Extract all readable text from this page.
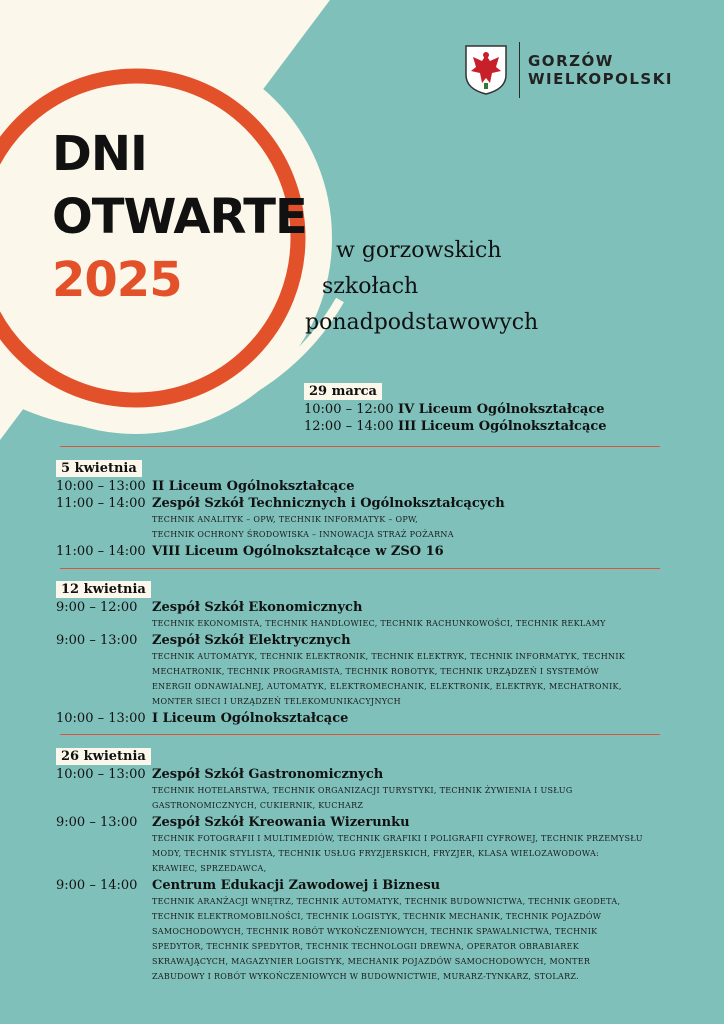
GORZÓW
WIELKOPOLSKI
DNI
OTWARTE
2025
w gorzowskich
szkołach
ponadpodstawowych
29 marca
10:00 – 12:00 IV Liceum Ogólnokształcące
12:00 – 14:00 III Liceum Ogólnokształcące
5 kwietnia
10:00 – 13:00 II Liceum Ogólnokształcące
11:00 – 14:00 Zespół Szkół Technicznych i Ogólnokształcących
TECHNIK ANALITYK – OPW, TECHNIK INFORMATYK – OPW,
TECHNIK OCHRONY ŚRODOWISKA – INNOWACJA STRAŻ POŻARNA
11:00 – 14:00 VIII Liceum Ogólnokształcące w ZSO 16
12 kwietnia
9:00 – 12:00	Zespół Szkół Ekonomicznych
TECHNIK EKONOMISTA, TECHNIK HANDLOWIEC, TECHNIK RACHUNKOWOŚCI, TECHNIK REKLAMY
9:00 – 13:00	Zespół Szkół Elektrycznych
TECHNIK AUTOMATYK, TECHNIK ELEKTRONIK, TECHNIK ELEKTRYK, TECHNIK INFORMATYK, TECHNIK
MECHATRONIK, TECHNIK PROGRAMISTA, TECHNIK ROBOTYK, TECHNIK URZĄDZEŃ I SYSTEMÓW
ENERGII ODNAWIALNEJ, AUTOMATYK, ELEKTROMECHANIK, ELEKTRONIK, ELEKTRYK, MECHATRONIK,
MONTER SIECI I URZĄDZEŃ TELEKOMUNIKACYJNYCH
10:00 – 13:00 I Liceum Ogólnokształcące
26 kwietnia
10:00 – 13:00 Zespół Szkół Gastronomicznych
TECHNIK HOTELARSTWA, TECHNIK ORGANIZACJI TURYSTYKI, TECHNIK ŻYWIENIA I USŁUG
GASTRONOMICZNYCH, CUKIERNIK, KUCHARZ
9:00 – 13:00	Zespół Szkół Kreowania Wizerunku
TECHNIK FOTOGRAFII I MULTIMEDIÓW, TECHNIK GRAFIKI I POLIGRAFII CYFROWEJ, TECHNIK PRZEMYSŁU
MODY, TECHNIK STYLISTA, TECHNIK USŁUG FRYZJERSKICH, FRYZJER, KLASA WIELOZAWODOWA:
KRAWIEC, SPRZEDAWCA,
9:00 – 14:00	Centrum Edukacji Zawodowej i Biznesu
TECHNIK ARANŻACJI WNĘTRZ, TECHNIK AUTOMATYK, TECHNIK BUDOWNICTWA, TECHNIK GEODETA,
TECHNIK ELEKTROMOBILNOŚCI, TECHNIK LOGISTYK, TECHNIK MECHANIK, TECHNIK POJAZDÓW
SAMOCHODOWYCH, TECHNIK ROBÓT WYKOŃCZENIOWYCH, TECHNIK SPAWALNICTWA, TECHNIK
SPEDYTOR, TECHNIK SPEDYTOR, TECHNIK TECHNOLOGII DREWNA, OPERATOR OBRABIAREK
SKRAWAJĄCYCH, MAGAZYNIER LOGISTYK, MECHANIK POJAZDÓW SAMOCHODOWYCH, MONTER
ZABUDOWY I ROBÓT WYKOŃCZENIOWYCH W BUDOWNICTWIE, MURARZ-TYNKARZ, STOLARZ.
